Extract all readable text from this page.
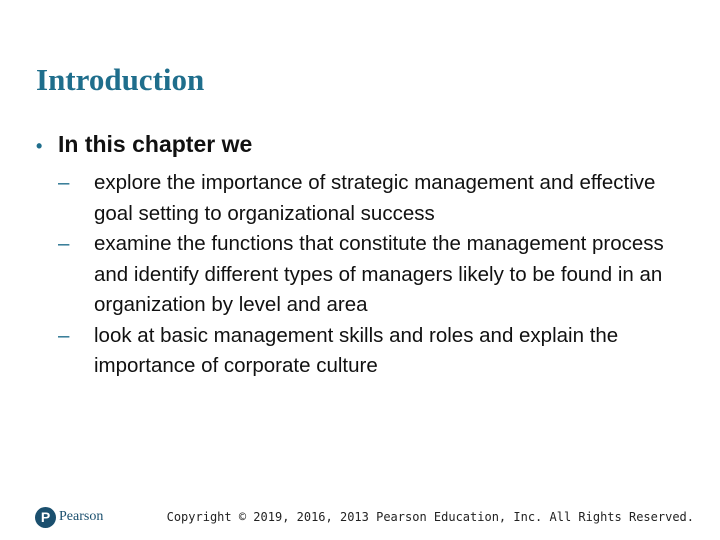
Introduction
• In this chapter we
–	explore the importance of strategic management and effective goal setting to organizational success
–	examine the functions that constitute the management process and identify different types of managers likely to be found in an organization by level and area
–	look at basic management skills and roles and explain the importance of corporate culture
P Pearson	Copyright © 2019, 2016, 2013 Pearson Education, Inc. All Rights Reserved.
